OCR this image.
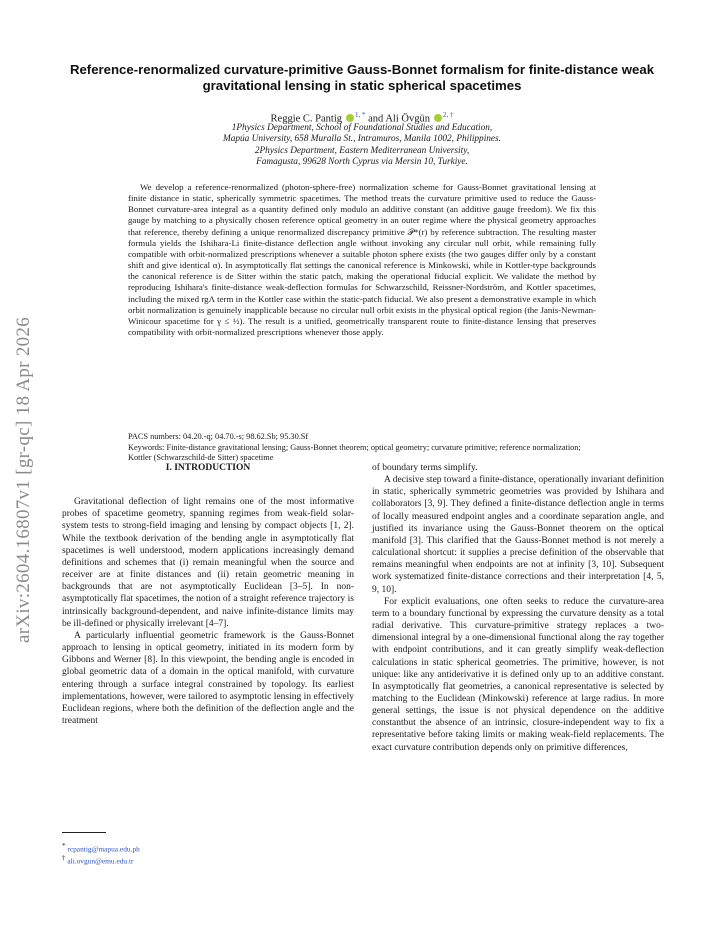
arXiv:2604.16807v1 [gr-qc] 18 Apr 2026
Reference-renormalized curvature-primitive Gauss-Bonnet formalism for finite-distance weak gravitational lensing in static spherical spacetimes
Reggie C. Pantig $^{1, *}$ and Ali Övgün $^{2, \dagger}$
1Physics Department, School of Foundational Studies and Education,
Mapúa University, 658 Muralla St., Intramuros, Manila 1002, Philippines.
2Physics Department, Eastern Mediterranean University,
Famagusta, 99628 North Cyprus via Mersin 10, Turkiye.
We develop a reference-renormalized (photon-sphere-free) normalization scheme for Gauss-Bonnet gravitational lensing at finite distance in static, spherically symmetric spacetimes. The method treats the curvature primitive used to reduce the Gauss-Bonnet curvature-area integral as a quantity defined only modulo an additive constant (an additive gauge freedom). We fix this gauge by matching to a physically chosen reference optical geometry in an outer regime where the physical geometry approaches that reference, thereby defining a unique renormalized discrepancy primitive 𝒫*(r) by reference subtraction. The resulting master formula yields the Ishihara-Li finite-distance deflection angle without invoking any circular null orbit, while remaining fully compatible with orbit-normalized prescriptions whenever a suitable photon sphere exists (the two gauges differ only by a constant shift and give identical α). In asymptotically flat settings the canonical reference is Minkowski, while in Kottler-type backgrounds the canonical reference is de Sitter within the static patch, making the operational fiducial explicit. We validate the method by reproducing Ishihara's finite-distance weak-deflection formulas for Schwarzschild, Reissner-Nordström, and Kottler spacetimes, including the mixed rgΛ term in the Kottler case within the static-patch fiducial. We also present a demonstrative example in which orbit normalization is genuinely inapplicable because no circular null orbit exists in the physical optical region (the Janis-Newman-Winicour spacetime for γ ≤ ½). The result is a unified, geometrically transparent route to finite-distance lensing that preserves compatibility with orbit-normalized prescriptions whenever those apply.
PACS numbers: 04.20.-q; 04.70.-s; 98.62.Sb; 95.30.Sf
Keywords: Finite-distance gravitational lensing; Gauss-Bonnet theorem; optical geometry; curvature primitive; reference normalization; Kottler (Schwarzschild-de Sitter) spacetime
I. INTRODUCTION

Gravitational deflection of light remains one of the most informative probes of spacetime geometry, spanning regimes from weak-field solar-system tests to strong-field imaging and lensing by compact objects [1, 2]. While the textbook derivation of the bending angle in asymptotically flat spacetimes is well understood, modern applications increasingly demand definitions and schemes that (i) remain meaningful when the source and receiver are at finite distances and (ii) retain geometric meaning in backgrounds that are not asymptotically Euclidean [3–5]. In non-asymptotically flat spacetimes, the notion of a straight reference trajectory is intrinsically background-dependent, and naive infinite-distance limits may be ill-defined or physically irrelevant [4–7].

A particularly influential geometric framework is the Gauss-Bonnet approach to lensing in optical geometry, initiated in its modern form by Gibbons and Werner [8]. In this viewpoint, the bending angle is encoded in global geometric data of a domain in the optical manifold, with curvature entering through a surface integral constrained by topology. Its earliest implementations, however, were tailored to asymptotic lensing in effectively Euclidean regions, where both the definition of the deflection angle and the treatment

of boundary terms simplify.

A decisive step toward a finite-distance, operationally invariant definition in static, spherically symmetric geometries was provided by Ishihara and collaborators [3, 9]. They defined a finite-distance deflection angle in terms of locally measured endpoint angles and a coordinate separation angle, and justified its invariance using the Gauss-Bonnet theorem on the optical manifold [3]. This clarified that the Gauss-Bonnet method is not merely a calculational shortcut: it supplies a precise definition of the observable that remains meaningful when endpoints are not at infinity [3, 10]. Subsequent work systematized finite-distance corrections and their interpretation [4, 5, 9, 10].

For explicit evaluations, one often seeks to reduce the curvature-area term to a boundary functional by expressing the curvature density as a total radial derivative. This curvature-primitive strategy replaces a two-dimensional integral by a one-dimensional functional along the ray together with endpoint contributions, and it can greatly simplify weak-deflection calculations in static spherical geometries. The primitive, however, is not unique: like any antiderivative it is defined only up to an additive constant. In asymptotically flat geometries, a canonical representative is selected by matching to the Euclidean (Minkowski) reference at large radius. In more general settings, the issue is not physical dependence on the additive constantbut the absence of an intrinsic, closure-independent way to fix a representative before taking limits or making weak-field replacements. The exact curvature contribution depends only on primitive differences,

* rcpantig@mapua.edu.ph
† ali.ovgun@emu.edu.tr
